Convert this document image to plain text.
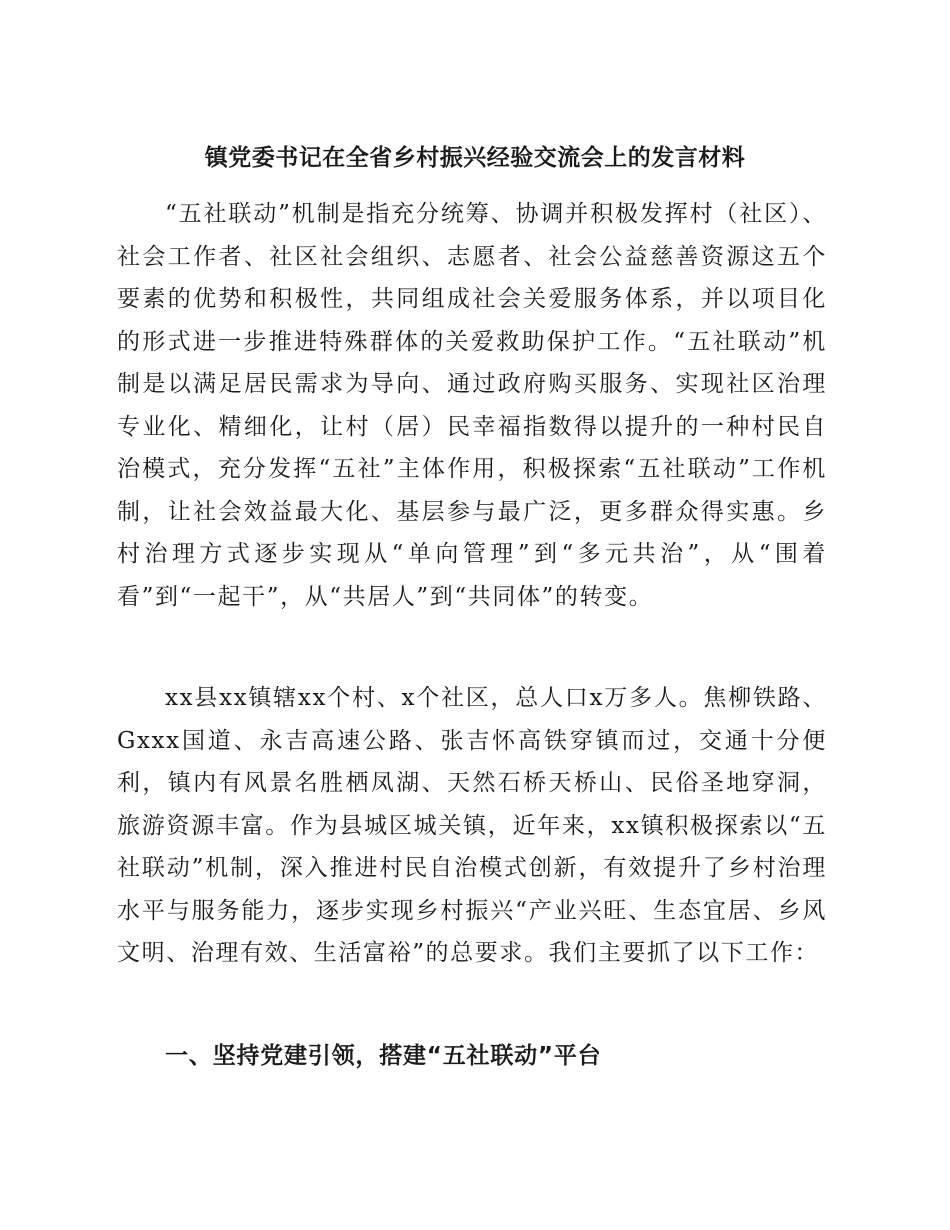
镇党委书记在全省乡村振兴经验交流会上的发言材料

“五社联动”机制是指充分统筹、协调并积极发挥村（社区）、社会工作者、社区社会组织、志愿者、社会公益慈善资源这五个要素的优势和积极性，共同组成社会关爱服务体系，并以项目化的形式进一步推进特殊群体的关爱救助保护工作。“五社联动”机制是以满足居民需求为导向、通过政府购买服务、实现社区治理专业化、精细化，让村（居）民幸福指数得以提升的一种村民自治模式，充分发挥“五社”主体作用，积极探索“五社联动”工作机制，让社会效益最大化、基层参与最广泛，更多群众得实惠。乡村治理方式逐步实现从“单向管理”到“多元共治”，从“围着看”到“一起干”，从“共居人”到“共同体”的转变。

xx县xx镇辖xx个村、x个社区，总人口x万多人。焦柳铁路、Gxxx国道、永吉高速公路、张吉怀高铁穿镇而过，交通十分便利，镇内有风景名胜栖凤湖、天然石桥天桥山、民俗圣地穿洞，旅游资源丰富。作为县城区城关镇，近年来，xx镇积极探索以“五社联动”机制，深入推进村民自治模式创新，有效提升了乡村治理水平与服务能力，逐步实现乡村振兴“产业兴旺、生态宜居、乡风文明、治理有效、生活富裕”的总要求。我们主要抓了以下工作：

一、坚持党建引领，搭建“五社联动”平台
